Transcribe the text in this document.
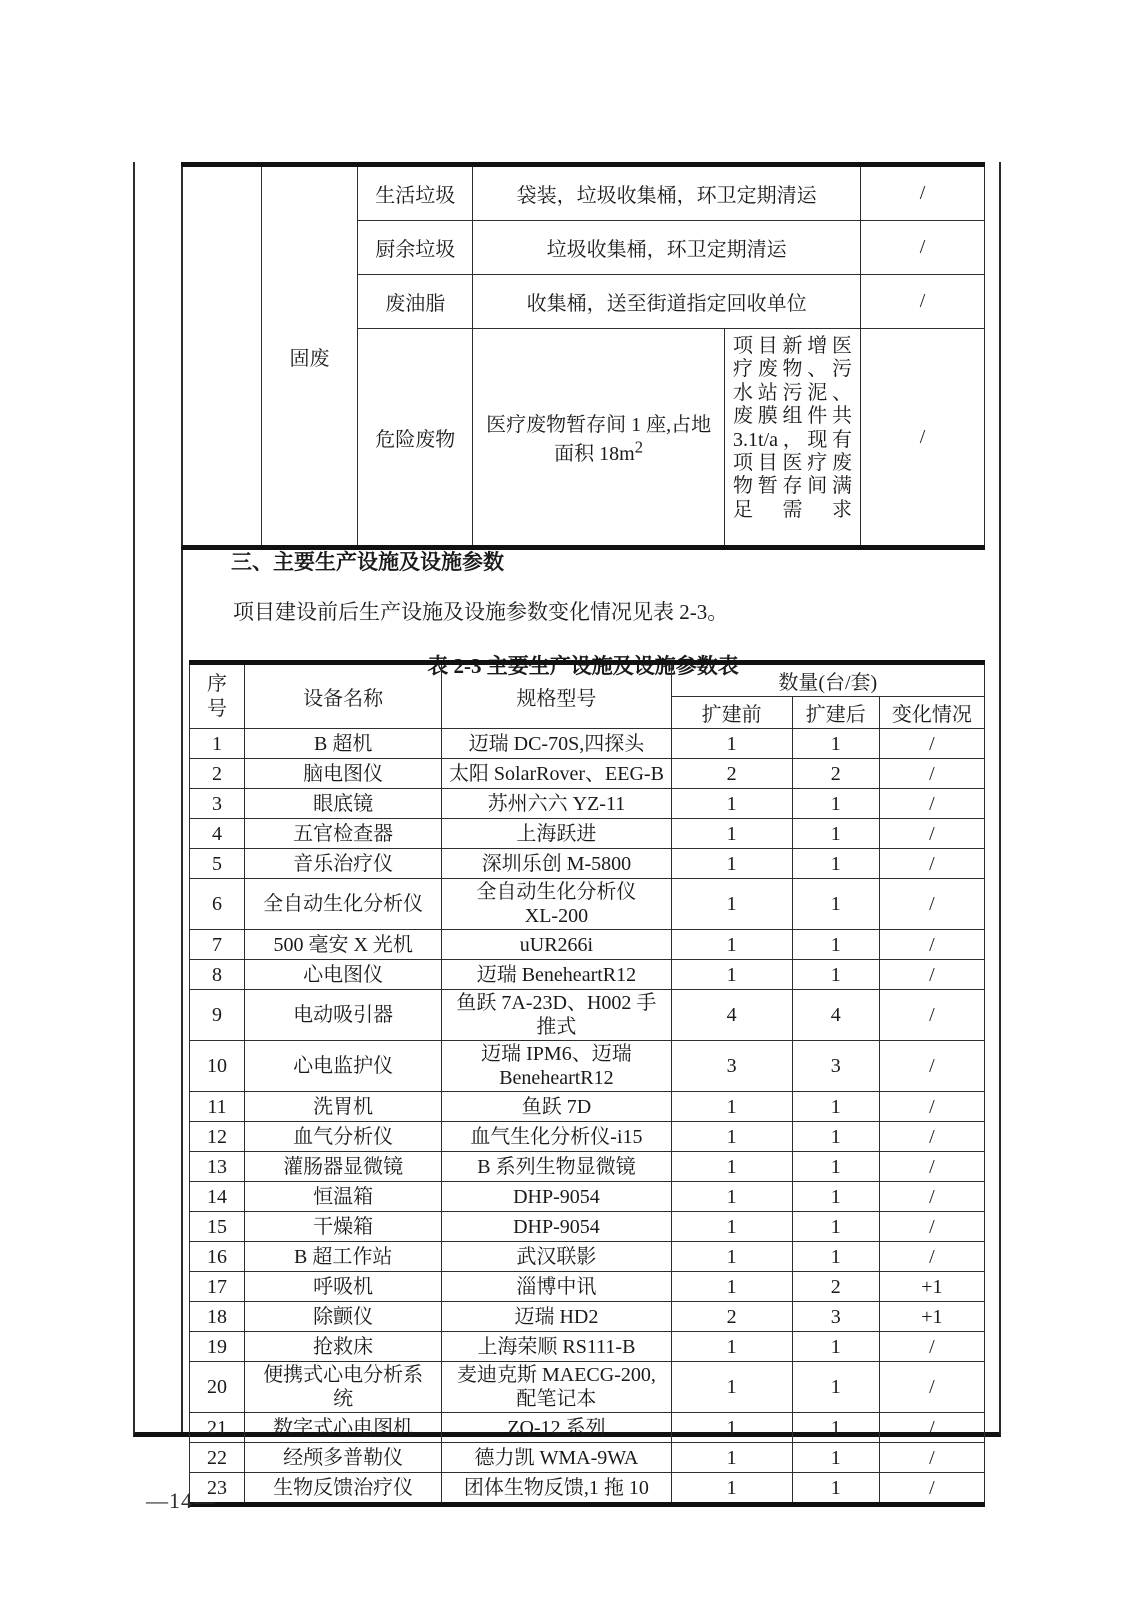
	固废	生活垃圾	袋装，垃圾收集桶，环卫定期清运		/
		厨余垃圾	垃圾收集桶，环卫定期清运		/
		废油脂	收集桶，送至街道指定回收单位		/
		危险废物	医疗废物暂存间 1 座,占地
面积 $18m^2$	项目新增医疗废物、污水站污泥、废膜组件共 3.1t/a，现有项目医疗废物暂存间满足需求	/
三、主要生产设施及设施参数
项目建设前后生产设施及设施参数变化情况见表 2-3。
表 2-3 主要生产设施及设施参数表
序号	设备名称	规格型号	数量(台/套)		
			扩建前	扩建后	变化情况
1	B 超机	迈瑞 DC-70S,四探头	1	1	/
2	脑电图仪	太阳 SolarRover、EEG-B	2	2	/
3	眼底镜	苏州六六 YZ-11	1	1	/
4	五官检查器	上海跃进	1	1	/
5	音乐治疗仪	深圳乐创 M-5800	1	1	/
6	全自动生化分析仪	全自动生化分析仪
XL-200	1	1	/
7	500 毫安 X 光机	uUR266i	1	1	/
8	心电图仪	迈瑞 BeneheartR12	1	1	/
9	电动吸引器	鱼跃 7A-23D、H002 手
推式	4	4	/
10	心电监护仪	迈瑞 IPM6、迈瑞
BeneheartR12	3	3	/
11	洗胃机	鱼跃 7D	1	1	/
12	血气分析仪	血气生化分析仪-i15	1	1	/
13	灌肠器显微镜	B 系列生物显微镜	1	1	/
14	恒温箱	DHP-9054	1	1	/
15	干燥箱	DHP-9054	1	1	/
16	B 超工作站	武汉联影	1	1	/
17	呼吸机	淄博中讯	1	2	+1
18	除颤仪	迈瑞 HD2	2	3	+1
19	抢救床	上海荣顺 RS111-B	1	1	/
20	便携式心电分析系
统	麦迪克斯 MAECG-200,
配笔记本	1	1	/
21	数字式心电图机	ZQ-12 系列	1	1	/
22	经颅多普勒仪	德力凯 WMA-9WA	1	1	/
23	生物反馈治疗仪	团体生物反馈,1 拖 10	1	1	/
—14—
